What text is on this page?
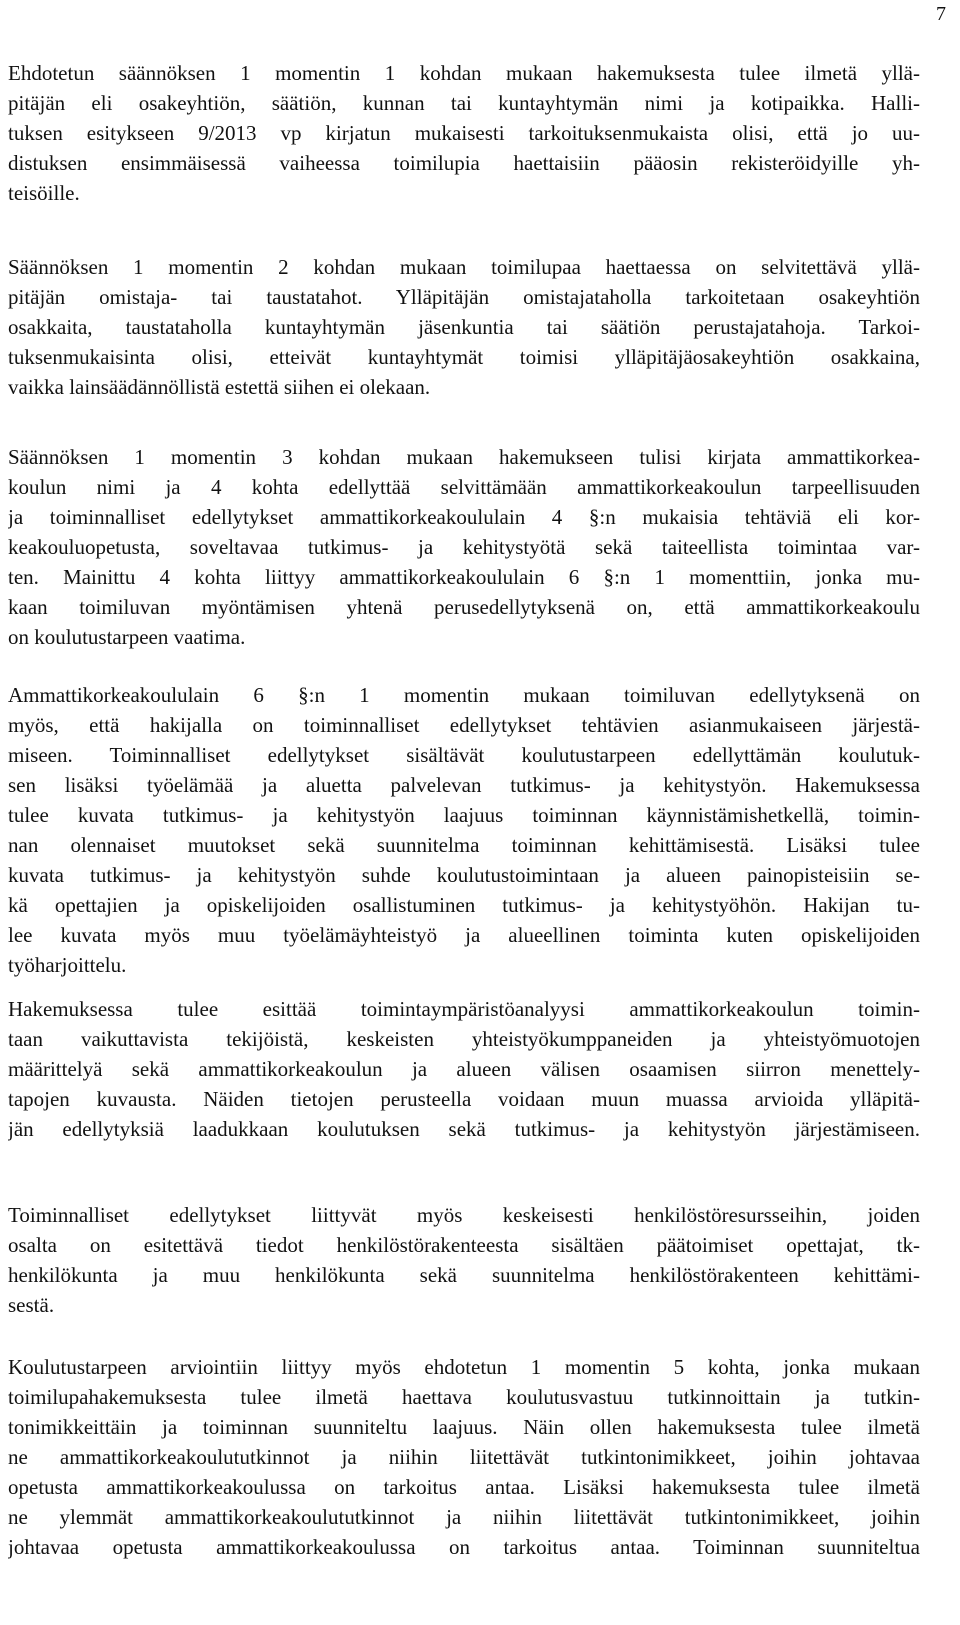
7
Ehdotetun säännöksen 1 momentin 1 kohdan mukaan hakemuksesta tulee ilmetä yllä-
pitäjän eli osakeyhtiön, säätiön, kunnan tai kuntayhtymän nimi ja kotipaikka. Halli-
tuksen esitykseen 9/2013 vp kirjatun mukaisesti tarkoituksenmukaista olisi, että jo uu-
distuksen ensimmäisessä vaiheessa toimilupia haettaisiin pääosin rekisteröidyille yh-
teisöille.
Säännöksen 1 momentin 2 kohdan mukaan toimilupaa haettaessa on selvitettävä yllä-
pitäjän omistaja- tai taustatahot. Ylläpitäjän omistajataholla tarkoitetaan osakeyhtiön
osakkaita, taustataholla kuntayhtymän jäsenkuntia tai säätiön perustajatahoja. Tarkoi-
tuksenmukaisinta olisi, etteivät kuntayhtymät toimisi ylläpitäjäosakeyhtiön osakkaina,
vaikka lainsäädännöllistä estettä siihen ei olekaan.
Säännöksen 1 momentin 3 kohdan mukaan hakemukseen tulisi kirjata ammattikorkea-
koulun nimi ja 4 kohta edellyttää selvittämään ammattikorkeakoulun tarpeellisuuden
ja toiminnalliset edellytykset ammattikorkeakoululain 4 §:n mukaisia tehtäviä eli kor-
keakouluopetusta, soveltavaa tutkimus- ja kehitystyötä sekä taiteellista toimintaa var-
ten. Mainittu 4 kohta liittyy ammattikorkeakoululain 6 §:n 1 momenttiin, jonka mu-
kaan toimiluvan myöntämisen yhtenä perusedellytyksenä on, että ammattikorkeakoulu
on koulutustarpeen vaatima.
Ammattikorkeakoululain 6 §:n 1 momentin mukaan toimiluvan edellytyksenä on
myös, että hakijalla on toiminnalliset edellytykset tehtävien asianmukaiseen järjestä-
miseen. Toiminnalliset edellytykset sisältävät koulutustarpeen edellyttämän koulutuk-
sen lisäksi työelämää ja aluetta palvelevan tutkimus- ja kehitystyön. Hakemuksessa
tulee kuvata tutkimus- ja kehitystyön laajuus toiminnan käynnistämishetkellä, toimin-
nan olennaiset muutokset sekä suunnitelma toiminnan kehittämisestä. Lisäksi tulee
kuvata tutkimus- ja kehitystyön suhde koulutustoimintaan ja alueen painopisteisiin se-
kä opettajien ja opiskelijoiden osallistuminen tutkimus- ja kehitystyöhön. Hakijan tu-
lee kuvata myös muu työelämäyhteistyö ja alueellinen toiminta kuten opiskelijoiden
työharjoittelu.
Hakemuksessa tulee esittää toimintaympäristöanalyysi ammattikorkeakoulun toimin-
taan vaikuttavista tekijöistä, keskeisten yhteistyökumppaneiden ja yhteistyömuotojen
määrittelyä sekä ammattikorkeakoulun ja alueen välisen osaamisen siirron menettely-
tapojen kuvausta. Näiden tietojen perusteella voidaan muun muassa arvioida ylläpitä-
jän edellytyksiä laadukkaan koulutuksen sekä tutkimus- ja kehitystyön järjestämiseen.
Toiminnalliset edellytykset liittyvät myös keskeisesti henkilöstöresursseihin, joiden
osalta on esitettävä tiedot henkilöstörakenteesta sisältäen päätoimiset opettajat, tk-
henkilökunta ja muu henkilökunta sekä suunnitelma henkilöstörakenteen kehittämi-
sestä.
Koulutustarpeen arviointiin liittyy myös ehdotetun 1 momentin 5 kohta, jonka mukaan
toimilupahakemuksesta tulee ilmetä haettava koulutusvastuu tutkinnoittain ja tutkin-
tonimikkeittäin ja toiminnan suunniteltu laajuus. Näin ollen hakemuksesta tulee ilmetä
ne ammattikorkeakoulututkinnot ja niihin liitettävät tutkintonimikkeet, joihin johtavaa
opetusta ammattikorkeakoulussa on tarkoitus antaa. Lisäksi hakemuksesta tulee ilmetä
ne ylemmät ammattikorkeakoulututkinnot ja niihin liitettävät tutkintonimikkeet, joihin
johtavaa opetusta ammattikorkeakoulussa on tarkoitus antaa. Toiminnan suunniteltua
